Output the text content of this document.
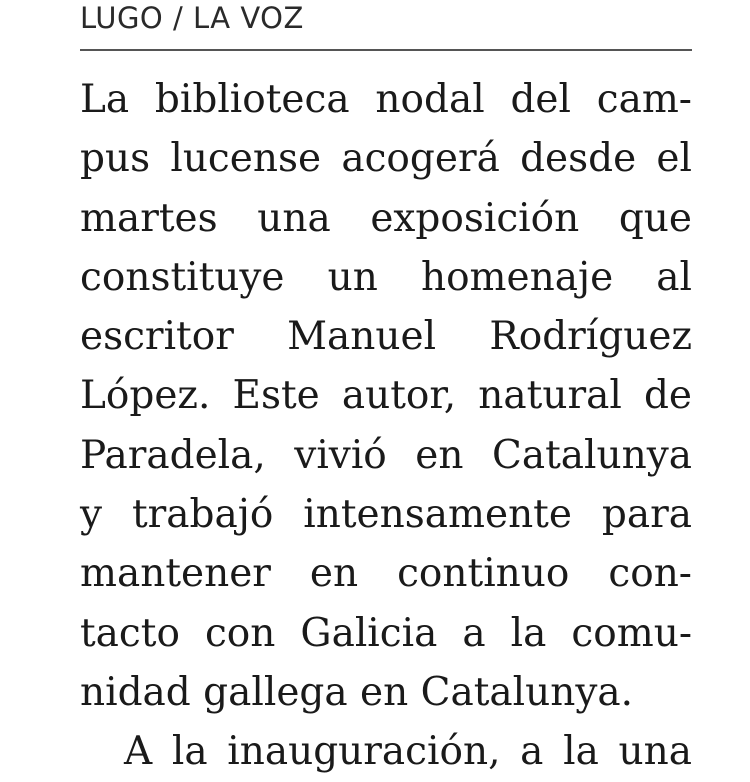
LUGO / LA VOZ
La biblioteca nodal del cam-
pus lucense acogerá desde el
martes una exposición que
constituye un homenaje al
escritor Manuel Rodríguez
López. Este autor, natural de
Paradela, vivió en Catalunya
y trabajó intensamente para
mantener en continuo con-
tacto con Galicia a la comu-
nidad gallega en Catalunya.
A la inauguración, a la una
